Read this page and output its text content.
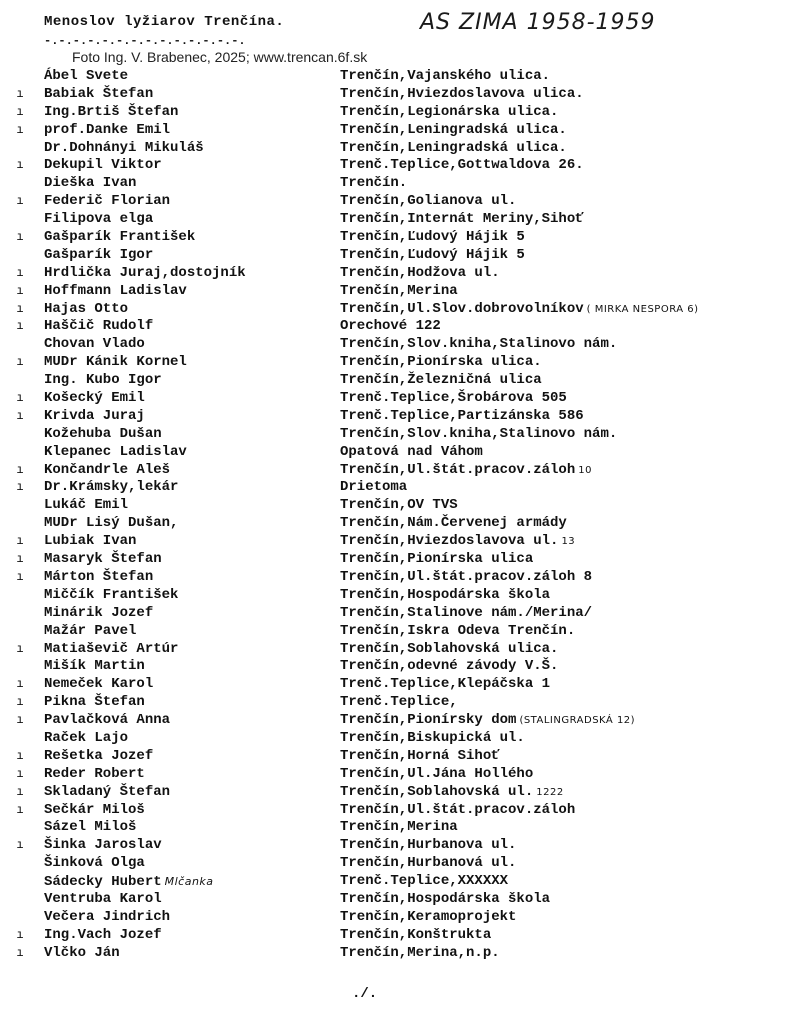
Menoslov lyžiarov Trenčína.
-.-.-.-.-.-.-.-.-.-.-.-.-.-.
AS ZIMA 1958-1959
Foto Ing. V. Brabenec, 2025; www.trencan.6f.sk
Ábel Svete	Trenčín,Vajanského ulica.
ı Babiak Štefan	Trenčín,Hviezdoslavova ulica.
ı Ing.Brtiš Štefan	Trenčín,Legionárska ulica.
ı prof.Danke Emil	Trenčín,Leningradská ulica.
Dr.Dohnányi Mikuláš	Trenčín,Leningradská ulica.
ı Dekupil Viktor	Trenč.Teplice,Gottwaldova 26.
Dieška Ivan	Trenčín.
ı Federič Florian	Trenčín,Golianova ul.
Filipova elga	Trenčín,Internát Meriny,Sihoť
ı Gašparík František	Trenčín,Ľudový Hájik 5
Gašparík Igor	Trenčín,Ľudový Hájik 5
ı Hrdlička Juraj,dostojník	Trenčín,Hodžova ul.
ı Hoffmann Ladislav	Trenčín,Merina
ı Hajas Otto	Trenčín,Ul.Slov.dobrovolníkov ( MIRKA NESPORA 6)
ı Haščič Rudolf	Orechové 122
Chovan Vlado	Trenčín,Slov.kniha,Stalinovo nám.
ı MUDr Kánik Kornel	Trenčín,Pionírska ulica.
Ing. Kubo Igor	Trenčín,Železničná ulica
ı Košecký Emil	Trenč.Teplice,Šrobárova 505
ı Krivda Juraj	Trenč.Teplice,Partizánska 586
Kožehuba Dušan	Trenčín,Slov.kniha,Stalinovo nám.
Klepanec Ladislav	Opatová nad Váhom
ı Končandrle Aleš	Trenčín,Ul.štát.pracov.záloh 10
ı Dr.Krámsky,lekár	Drietoma
Lukáč Emil	Trenčín,OV TVS
MUDr Lisý Dušan,	Trenčín,Nám.Červenej armády
ı Lubiak Ivan	Trenčín,Hviezdoslavova ul. 13
ı Masaryk Štefan	Trenčín,Pionírska ulica
ı Márton Štefan	Trenčín,Ul.štát.pracov.záloh 8
Miččík František	Trenčín,Hospodárska škola
Minárik Jozef	Trenčín,Stalinove nám./Merina/
Mažár Pavel	Trenčín,Iskra Odeva Trenčín.
ı Matiaševič Artúr	Trenčín,Soblahovská ulica.
Mišík Martin	Trenčín,odevné závody V.Š.
ı Nemeček Karol	Trenč.Teplice,Klepáčska 1
ı Pikna Štefan	Trenč.Teplice,
ı Pavlačková Anna	Trenčín,Pionírsky dom (STALINGRADSKÁ 12)
Raček Lajo	Trenčín,Biskupická ul.
ı Rešetka Jozef	Trenčín,Horná Sihoť
ı Reder Robert	Trenčín,Ul.Jána Hollého
ı Skladaný Štefan	Trenčín,Soblahovská ul. 1222
ı Sečkár Miloš	Trenčín,Ul.štát.pracov.záloh
Sázel Miloš	Trenčín,Merina
ı Šinka Jaroslav	Trenčín,Hurbanova ul.
Šinková Olga	Trenčín,Hurbanová ul.
Sádecky Hubert Mlčanka	Trenč.Teplice,XXXXXX
Ventruba Karol	Trenčín,Hospodárska škola
Večera Jindrich	Trenčín,Keramoprojekt
ı Ing.Vach Jozef	Trenčín,Konštrukta
ı Vlčko Ján	Trenčín,Merina,n.p.
./.
